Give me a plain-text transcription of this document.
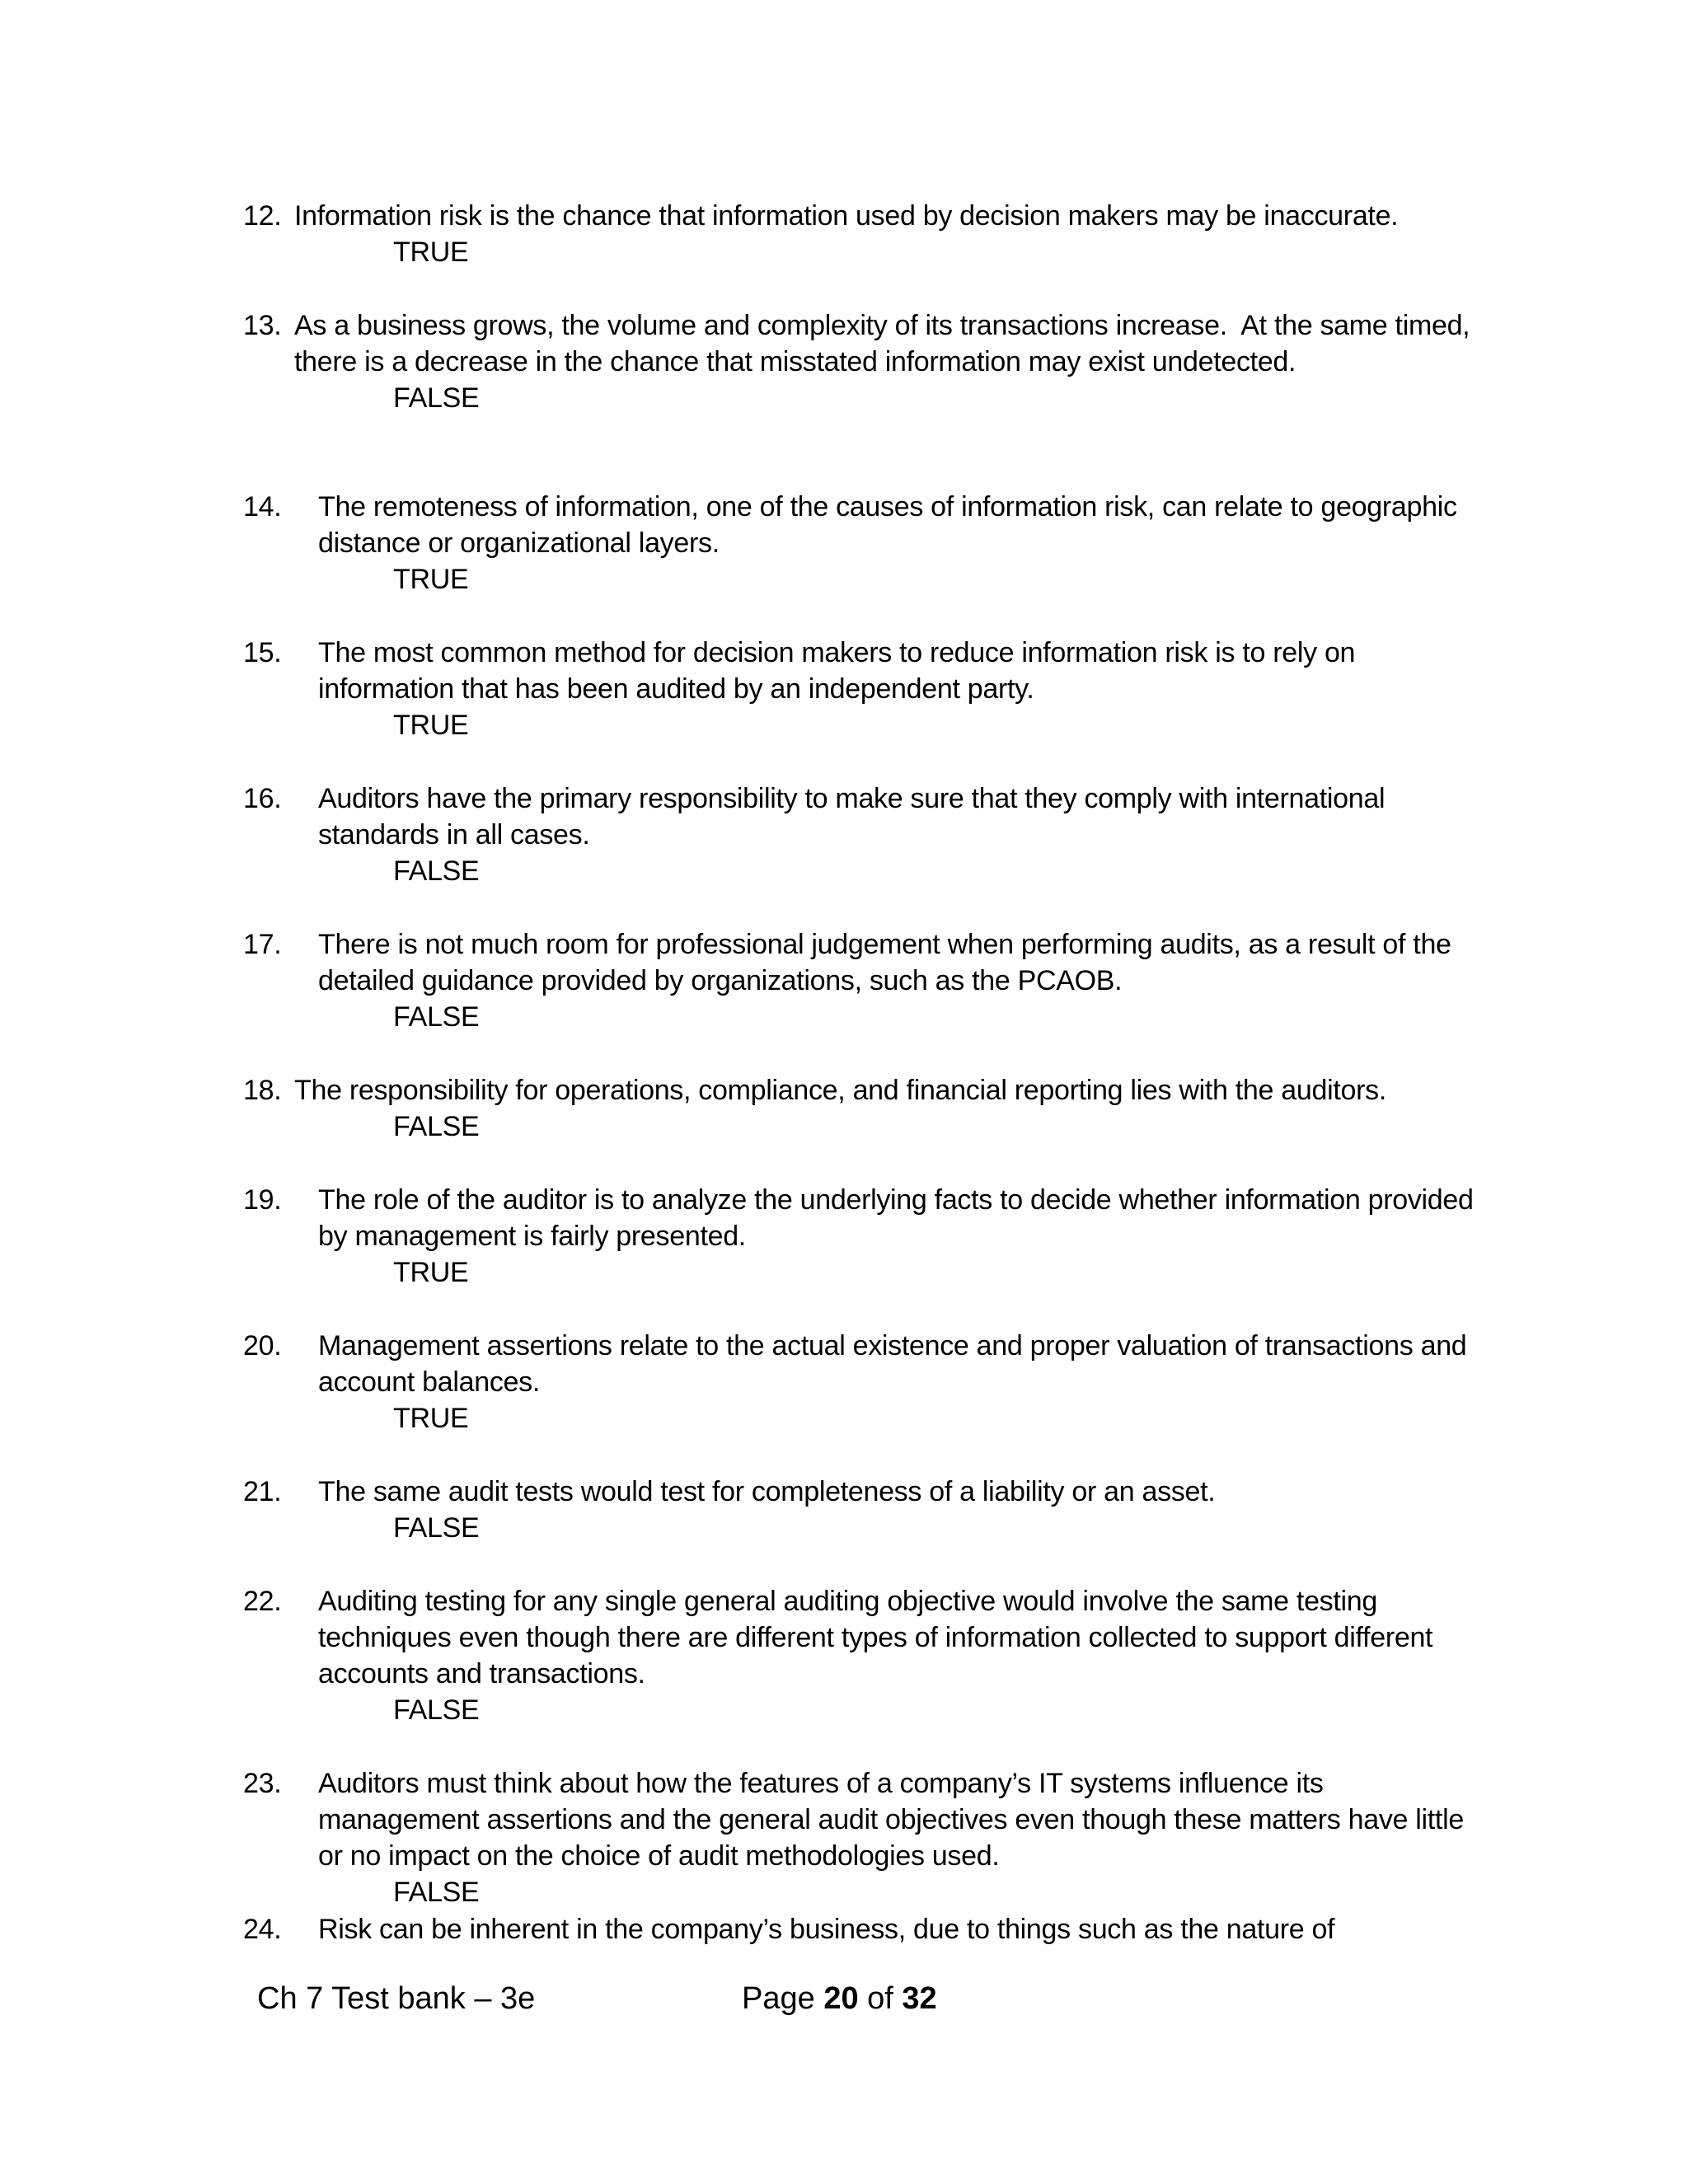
12. Information risk is the chance that information used by decision makers may be inaccurate.
TRUE
13. As a business grows, the volume and complexity of its transactions increase.  At the same timed, there is a decrease in the chance that misstated information may exist undetected.
FALSE
14. The remoteness of information, one of the causes of information risk, can relate to geographic distance or organizational layers.
TRUE
15. The most common method for decision makers to reduce information risk is to rely on information that has been audited by an independent party.
TRUE
16. Auditors have the primary responsibility to make sure that they comply with international standards in all cases.
FALSE
17. There is not much room for professional judgement when performing audits, as a result of the detailed guidance provided by organizations, such as the PCAOB.
FALSE
18. The responsibility for operations, compliance, and financial reporting lies with the auditors.
FALSE
19. The role of the auditor is to analyze the underlying facts to decide whether information provided by management is fairly presented.
TRUE
20. Management assertions relate to the actual existence and proper valuation of transactions and account balances.
TRUE
21. The same audit tests would test for completeness of a liability or an asset.
FALSE
22. Auditing testing for any single general auditing objective would involve the same testing techniques even though there are different types of information collected to support different accounts and transactions.
FALSE
23. Auditors must think about how the features of a company’s IT systems influence its management assertions and the general audit objectives even though these matters have little or no impact on the choice of audit methodologies used.
FALSE
24. Risk can be inherent in the company’s business, due to things such as the nature of
Ch 7 Test bank – 3e	Page 20 of 32
